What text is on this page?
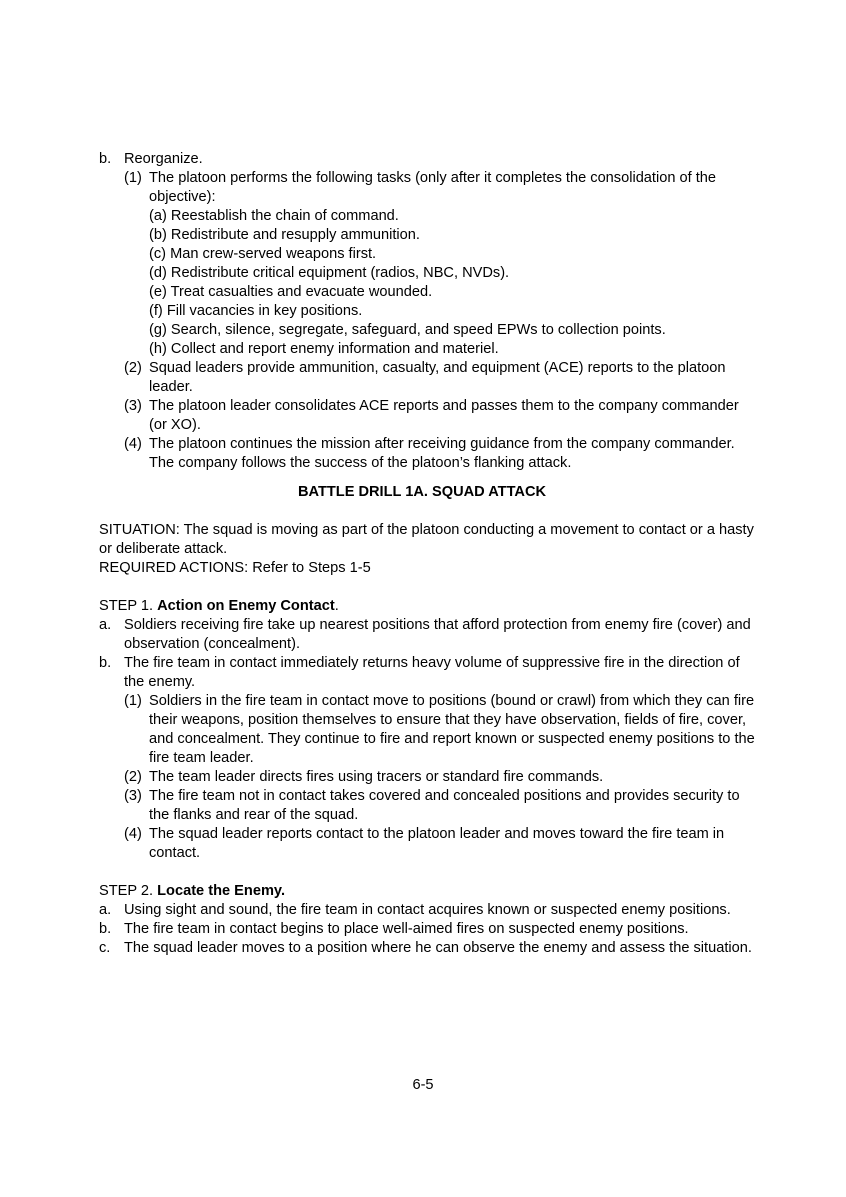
b. Reorganize.
(1) The platoon performs the following tasks (only after it completes the consolidation of the objective):
(a) Reestablish the chain of command.
(b) Redistribute and resupply ammunition.
(c) Man crew-served weapons first.
(d) Redistribute critical equipment (radios, NBC, NVDs).
(e) Treat casualties and evacuate wounded.
(f) Fill vacancies in key positions.
(g) Search, silence, segregate, safeguard, and speed EPWs to collection points.
(h) Collect and report enemy information and materiel.
(2) Squad leaders provide ammunition, casualty, and equipment (ACE) reports to the platoon leader.
(3) The platoon leader consolidates ACE reports and passes them to the company commander (or XO).
(4) The platoon continues the mission after receiving guidance from the company commander. The company follows the success of the platoon’s flanking attack.
BATTLE DRILL 1A. SQUAD ATTACK

SITUATION: The squad is moving as part of the platoon conducting a movement to contact or a hasty or deliberate attack.

REQUIRED ACTIONS: Refer to Steps 1-5

STEP 1. Action on Enemy Contact.

a. Soldiers receiving fire take up nearest positions that afford protection from enemy fire (cover) and observation (concealment).
b. The fire team in contact immediately returns heavy volume of suppressive fire in the direction of the enemy.
(1) Soldiers in the fire team in contact move to positions (bound or crawl) from which they can fire their weapons, position themselves to ensure that they have observation, fields of fire, cover, and concealment. They continue to fire and report known or suspected enemy positions to the fire team leader.
(2) The team leader directs fires using tracers or standard fire commands.
(3) The fire team not in contact takes covered and concealed positions and provides security to the flanks and rear of the squad.
(4) The squad leader reports contact to the platoon leader and moves toward the fire team in contact.

STEP 2. Locate the Enemy.

a. Using sight and sound, the fire team in contact acquires known or suspected enemy positions.
b. The fire team in contact begins to place well-aimed fires on suspected enemy positions.
c. The squad leader moves to a position where he can observe the enemy and assess the situation.
6-5
